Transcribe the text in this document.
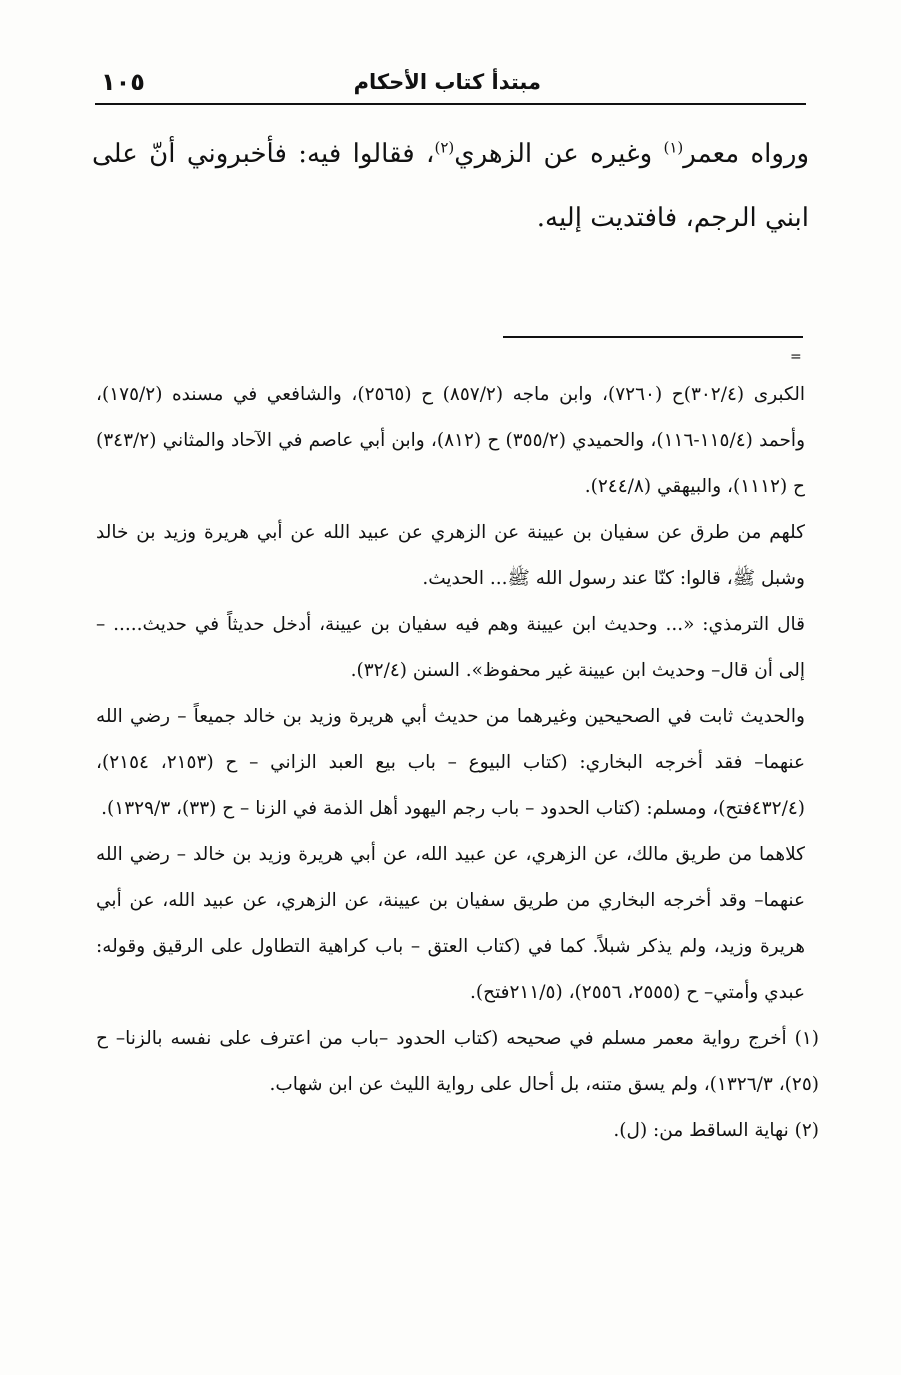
مبتدأ كتاب الأحكام
١٠٥

ورواه معمر$^{(١)}$ وغيره عن الزهري$^{(٢)}$، فقالوا فيه: فأخبروني أنّ على ابني الرجم، فافتديت إليه.

=

الكبرى (٣٠٢/٤)ح (٧٢٦٠)، وابن ماجه (٨٥٧/٢) ح (٢٥٦٥)، والشافعي في مسنده (١٧٥/٢)، وأحمد (١١٥/٤-١١٦)، والحميدي (٣٥٥/٢) ح (٨١٢)، وابن أبي عاصم في الآحاد والمثاني (٣٤٣/٢) ح (١١١٢)، والبيهقي (٢٤٤/٨).

كلهم من طرق عن سفيان بن عيينة عن الزهري عن عبيد الله عن أبي هريرة وزيد بن خالد وشبل ﷺ، قالوا: كنّا عند رسول الله ﷺ... الحديث.

قال الترمذي: «... وحديث ابن عيينة وهم فيه سفيان بن عيينة، أدخل حديثاً في حديث..... – إلى أن قال– وحديث ابن عيينة غير محفوظ». السنن (٣٢/٤).

والحديث ثابت في الصحيحين وغيرهما من حديث أبي هريرة وزيد بن خالد جميعاً – رضي الله عنهما– فقد أخرجه البخاري: (كتاب البيوع – باب بيع العبد الزاني – ح (٢١٥٣، ٢١٥٤)، (٤٣٢/٤فتح)، ومسلم: (كتاب الحدود – باب رجم اليهود أهل الذمة في الزنا – ح (٣٣)، ١٣٢٩/٣).

كلاهما من طريق مالك، عن الزهري، عن عبيد الله، عن أبي هريرة وزيد بن خالد – رضي الله عنهما– وقد أخرجه البخاري من طريق سفيان بن عيينة، عن الزهري، عن عبيد الله، عن أبي هريرة وزيد، ولم يذكر شبلاً. كما في (كتاب العتق – باب كراهية التطاول على الرقيق وقوله: عبدي وأمتي– ح (٢٥٥٥، ٢٥٥٦)، (٢١١/٥فتح).

(١) أخرج رواية معمر مسلم في صحيحه (كتاب الحدود –باب من اعترف على نفسه بالزنا– ح (٢٥)، ١٣٢٦/٣)، ولم يسق متنه، بل أحال على رواية الليث عن ابن شهاب.

(٢) نهاية الساقط من: (ل).
